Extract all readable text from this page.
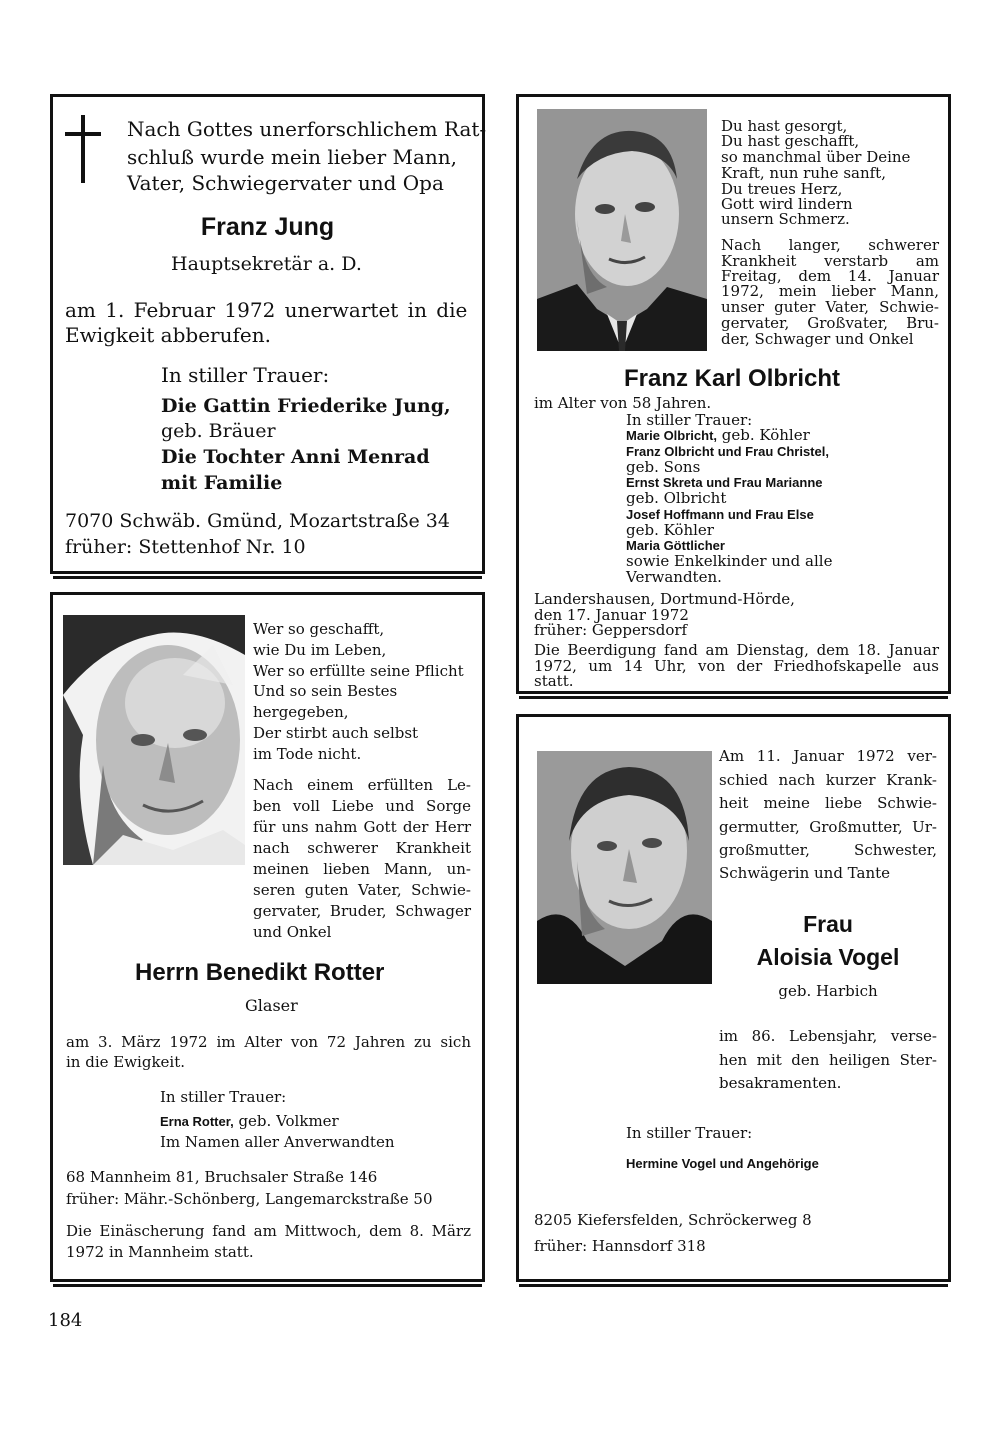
Nach Gottes unerforschlichem Rat-
schluß wurde mein lieber Mann,
Vater, Schwiegervater und Opa
Franz Jung
Hauptsekretär a. D.
am 1. Februar 1972 unerwartet in die
Ewigkeit abberufen.
In stiller Trauer:
Die Gattin Friederike Jung,
geb. Bräuer
Die Tochter Anni Menrad
mit Familie
7070 Schwäb. Gmünd, Mozartstraße 34
früher: Stettenhof Nr. 10
Du hast gesorgt,
Du hast geschafft,
so manchmal über Deine
Kraft, nun ruhe sanft,
Du treues Herz,
Gott wird lindern
unsern Schmerz.
Nach langer, schwerer
Krankheit verstarb am
Freitag, dem 14. Januar
1972, mein lieber Mann,
unser guter Vater, Schwie-
gervater, Großvater, Bru-
der, Schwager und Onkel
Franz Karl Olbricht
im Alter von 58 Jahren.
In stiller Trauer:
Marie Olbricht, geb. Köhler
Franz Olbricht und Frau Christel,
geb. Sons
Ernst Skreta und Frau Marianne
geb. Olbricht
Josef Hoffmann und Frau Else
geb. Köhler
Maria Göttlicher
sowie Enkelkinder und alle
Verwandten.
Landershausen, Dortmund-Hörde,
den 17. Januar 1972
früher: Geppersdorf
Die Beerdigung fand am Dienstag, dem 18. Januar
1972, um 14 Uhr, von der Friedhofskapelle aus
statt.
Wer so geschafft,
wie Du im Leben,
Wer so erfüllte seine Pflicht
Und so sein Bestes
hergegeben,
Der stirbt auch selbst
im Tode nicht.
Nach einem erfüllten Le-
ben voll Liebe und Sorge
für uns nahm Gott der Herr
nach schwerer Krankheit
meinen lieben Mann, un-
seren guten Vater, Schwie-
gervater, Bruder, Schwager
und Onkel
Herrn Benedikt Rotter
Glaser
am 3. März 1972 im Alter von 72 Jahren zu sich
in die Ewigkeit.
In stiller Trauer:
Erna Rotter, geb. Volkmer
Im Namen aller Anverwandten
68 Mannheim 81, Bruchsaler Straße 146
früher: Mähr.-Schönberg, Langemarckstraße 50
Die Einäscherung fand am Mittwoch, dem 8. März
1972 in Mannheim statt.
Am 11. Januar 1972 ver-
schied nach kurzer Krank-
heit meine liebe Schwie-
germutter, Großmutter, Ur-
großmutter, Schwester,
Schwägerin und Tante
Frau
Aloisia Vogel
geb. Harbich
im 86. Lebensjahr, verse-
hen mit den heiligen Ster-
besakramenten.
In stiller Trauer:
Hermine Vogel und Angehörige
8205 Kiefersfelden, Schröckerweg 8
früher: Hannsdorf 318
184
